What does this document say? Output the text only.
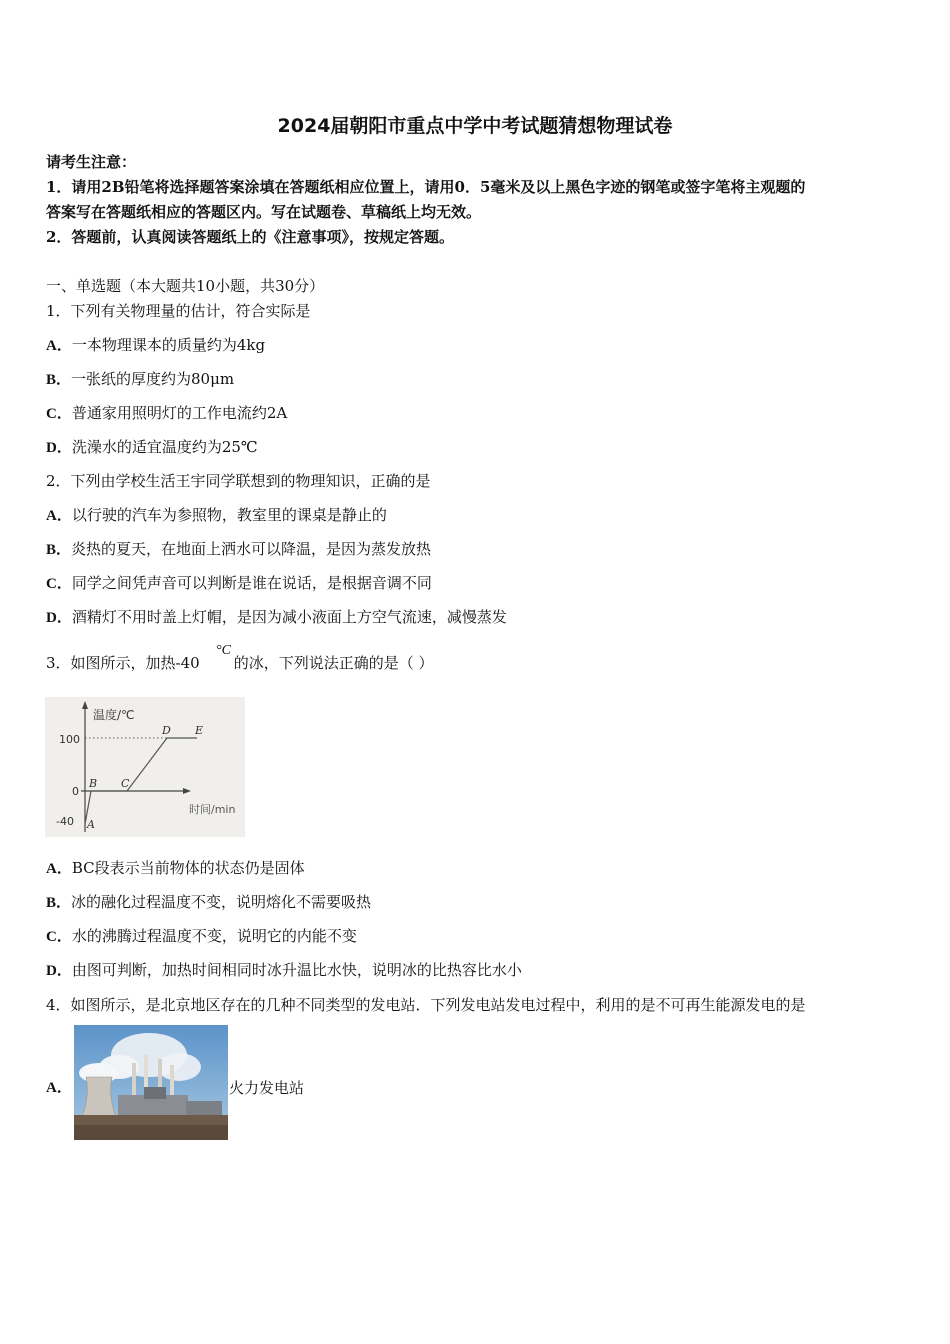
2024届朝阳市重点中学中考试题猜想物理试卷
请考生注意：
1．请用2B铅笔将选择题答案涂填在答题纸相应位置上，请用0．5毫米及以上黑色字迹的钢笔或签字笔将主观题的
答案写在答题纸相应的答题区内。写在试题卷、草稿纸上均无效。
2．答题前，认真阅读答题纸上的《注意事项》，按规定答题。
一、单选题（本大题共10小题，共30分）
1．下列有关物理量的估计，符合实际是
A．一本物理课本的质量约为4kg
B．一张纸的厚度约为80μm
C．普通家用照明灯的工作电流约2A
D．洗澡水的适宜温度约为25℃
2．下列由学校生活王宇同学联想到的物理知识，正确的是
A．以行驶的汽车为参照物，教室里的课桌是静止的
B．炎热的夏天，在地面上洒水可以降温，是因为蒸发放热
C．同学之间凭声音可以判断是谁在说话，是根据音调不同
D．酒精灯不用时盖上灯帽，是因为减小液面上方空气流速，减慢蒸发
3．如图所示，加热-40 的冰，下列说法正确的是（ ）
°C
温度/℃
100
0
-40 A
B C
D E
时间/min
A．BC段表示当前物体的状态仍是固体
B．冰的融化过程温度不变，说明熔化不需要吸热
C．水的沸腾过程温度不变，说明它的内能不变
D．由图可判断，加热时间相同时冰升温比水快，说明冰的比热容比水小
4．如图所示，是北京地区存在的几种不同类型的发电站．下列发电站发电过程中，利用的是不可再生能源发电的是
A．	火力发电站
